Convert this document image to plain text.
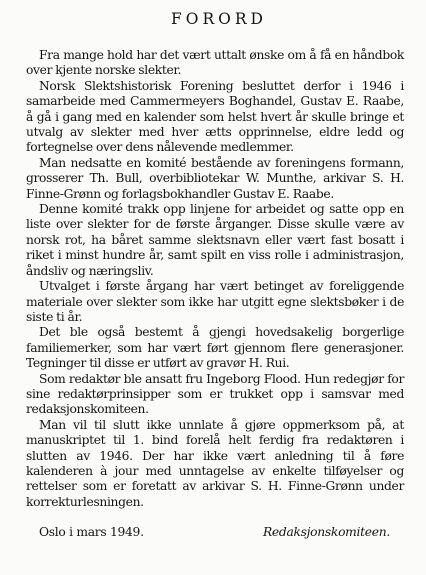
FORORD

Fra mange hold har det vært uttalt ønske om å få en håndbok over kjente norske slekter.

Norsk Slektshistorisk Forening besluttet derfor i 1946 i samarbeide med Cammermeyers Boghandel, Gustav E. Raabe, å gå i gang med en kalender som helst hvert år skulle bringe et utvalg av slekter med hver ætts opprinnelse, eldre ledd og fortegnelse over dens nålevende medlemmer.

Man nedsatte en komité bestående av foreningens formann, grosserer Th. Bull, overbibliotekar W. Munthe, arkivar S. H. Finne-Grønn og forlagsbokhandler Gustav E. Raabe.

Denne komité trakk opp linjene for arbeidet og satte opp en liste over slekter for de første årganger. Disse skulle være av norsk rot, ha båret samme slektsnavn eller vært fast bosatt i riket i minst hundre år, samt spilt en viss rolle i administrasjon, åndsliv og næringsliv.

Utvalget i første årgang har vært betinget av foreliggende materiale over slekter som ikke har utgitt egne slektsbøker i de siste ti år.

Det ble også bestemt å gjengi hovedsakelig borgerlige familiemerker, som har vært ført gjennom flere generasjoner. Tegninger til disse er utført av gravør H. Rui.

Som redaktør ble ansatt fru Ingeborg Flood. Hun redegjør for sine redaktørprinsipper som er trukket opp i samsvar med redaksjonskomiteen.

Man vil til slutt ikke unnlate å gjøre oppmerksom på, at manuskriptet til 1. bind forelå helt ferdig fra redaktøren i slutten av 1946. Der har ikke vært anledning til å føre kalenderen à jour med unntagelse av enkelte tilføyelser og rettelser som er foretatt av arkivar S. H. Finne-Grønn under korrekturlesningen.

Oslo i mars 1949.	Redaksjonskomiteen.
